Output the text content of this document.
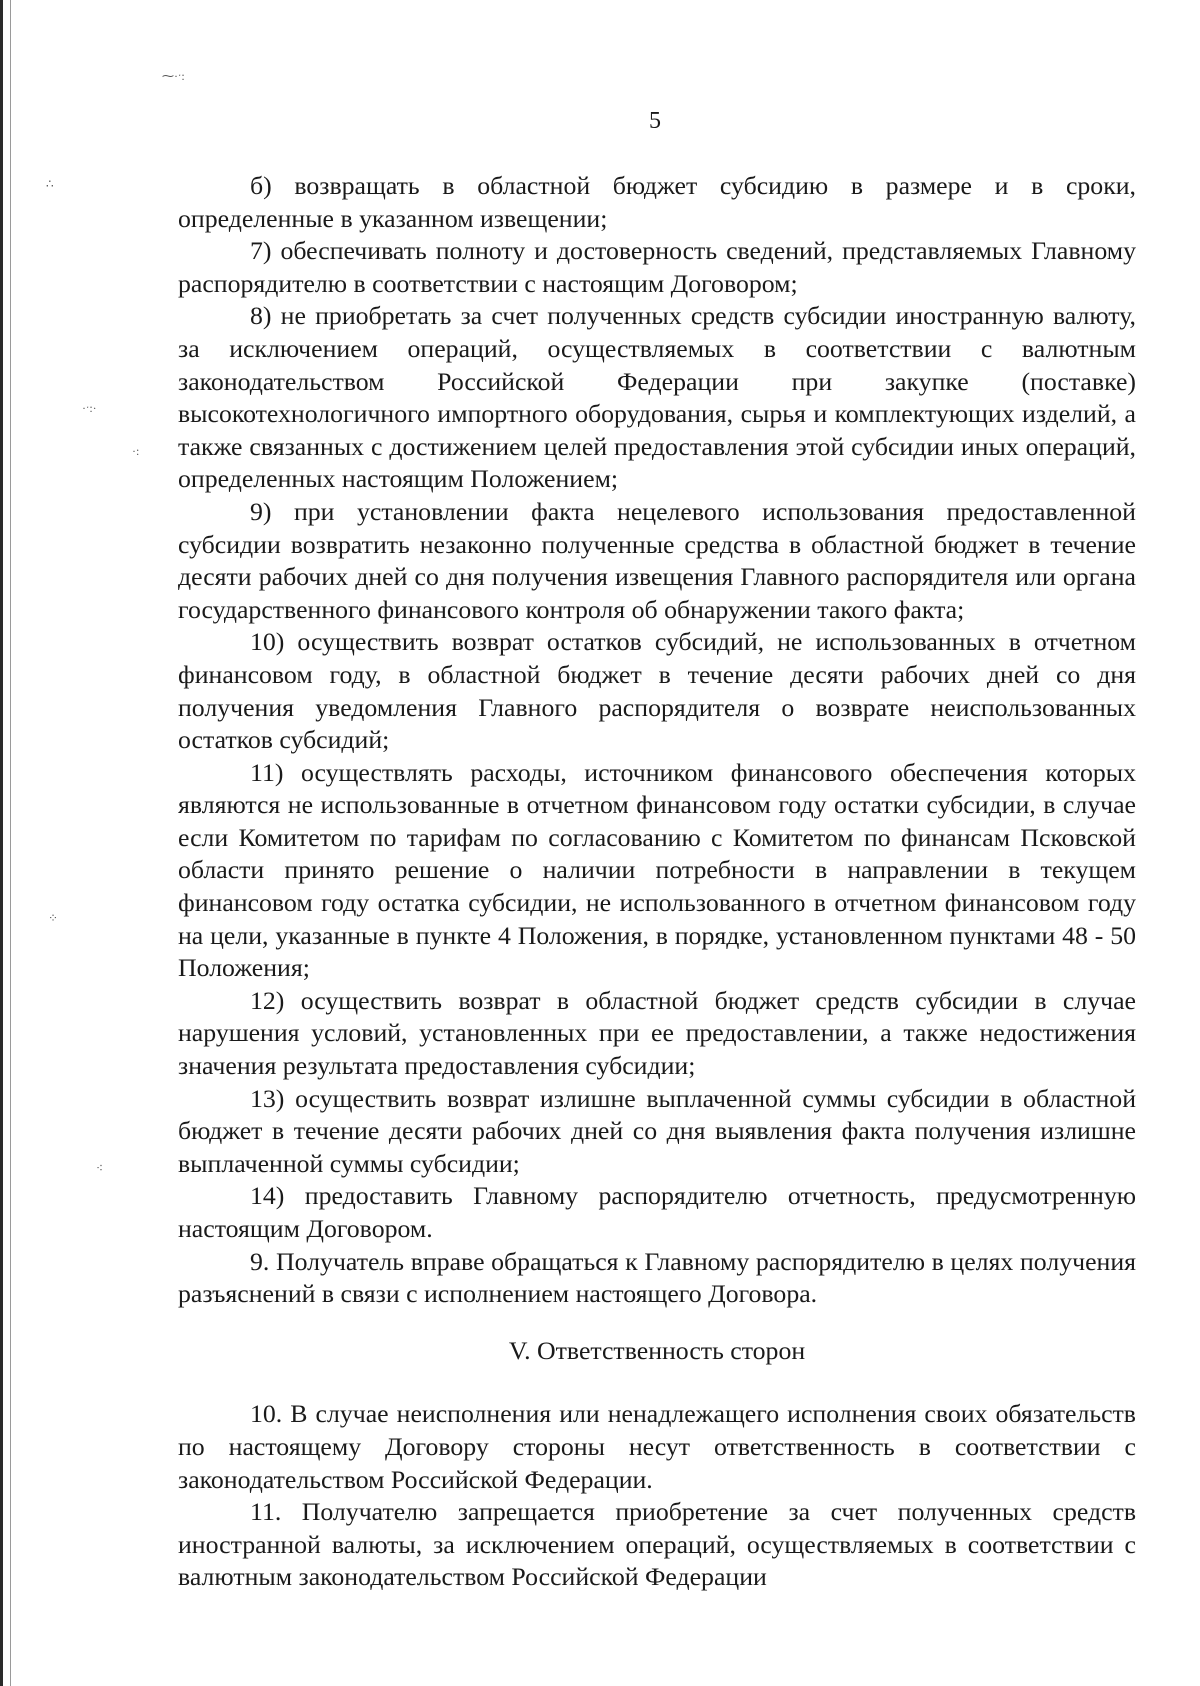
⁓·ˑ:
∴
·ˑ:·
·:
⁘
⁖
5

б) возвращать в областной бюджет субсидию в размере и в сроки, определенные в указанном извещении;

7) обеспечивать полноту и достоверность сведений, представляемых Главному распорядителю в соответствии с настоящим Договором;

8) не приобретать за счет полученных средств субсидии иностранную валюту, за исключением операций, осуществляемых в соответствии с валютным законодательством Российской Федерации при закупке (поставке) высокотехнологичного импортного оборудования, сырья и комплектующих изделий, а также связанных с достижением целей предоставления этой субсидии иных операций, определенных настоящим Положением;

9) при установлении факта нецелевого использования предоставленной субсидии возвратить незаконно полученные средства в областной бюджет в течение десяти рабочих дней со дня получения извещения Главного распорядителя или органа государственного финансового контроля об обнаружении такого факта;

10) осуществить возврат остатков субсидий, не использованных в отчетном финансовом году, в областной бюджет в течение десяти рабочих дней со дня получения уведомления Главного распорядителя о возврате неиспользованных остатков субсидий;

11) осуществлять расходы, источником финансового обеспечения которых являются не использованные в отчетном финансовом году остатки субсидии, в случае если Комитетом по тарифам по согласованию с Комитетом по финансам Псковской области принято решение о наличии потребности в направлении в текущем финансовом году остатка субсидии, не использованного в отчетном финансовом году на цели, указанные в пункте 4 Положения, в порядке, установленном пунктами 48 - 50 Положения;

12) осуществить возврат в областной бюджет средств субсидии в случае нарушения условий, установленных при ее предоставлении, а также недостижения значения результата предоставления субсидии;

13) осуществить возврат излишне выплаченной суммы субсидии в областной бюджет в течение десяти рабочих дней со дня выявления факта получения излишне выплаченной суммы субсидии;

14) предоставить Главному распорядителю отчетность, предусмотренную настоящим Договором.

9. Получатель вправе обращаться к Главному распорядителю в целях получения разъяснений в связи с исполнением настоящего Договора.

V. Ответственность сторон

10. В случае неисполнения или ненадлежащего исполнения своих обязательств по настоящему Договору стороны несут ответственность в соответствии с законодательством Российской Федерации.

11. Получателю запрещается приобретение за счет полученных средств иностранной валюты, за исключением операций, осуществляемых в соответствии с валютным законодательством Российской Федерации
